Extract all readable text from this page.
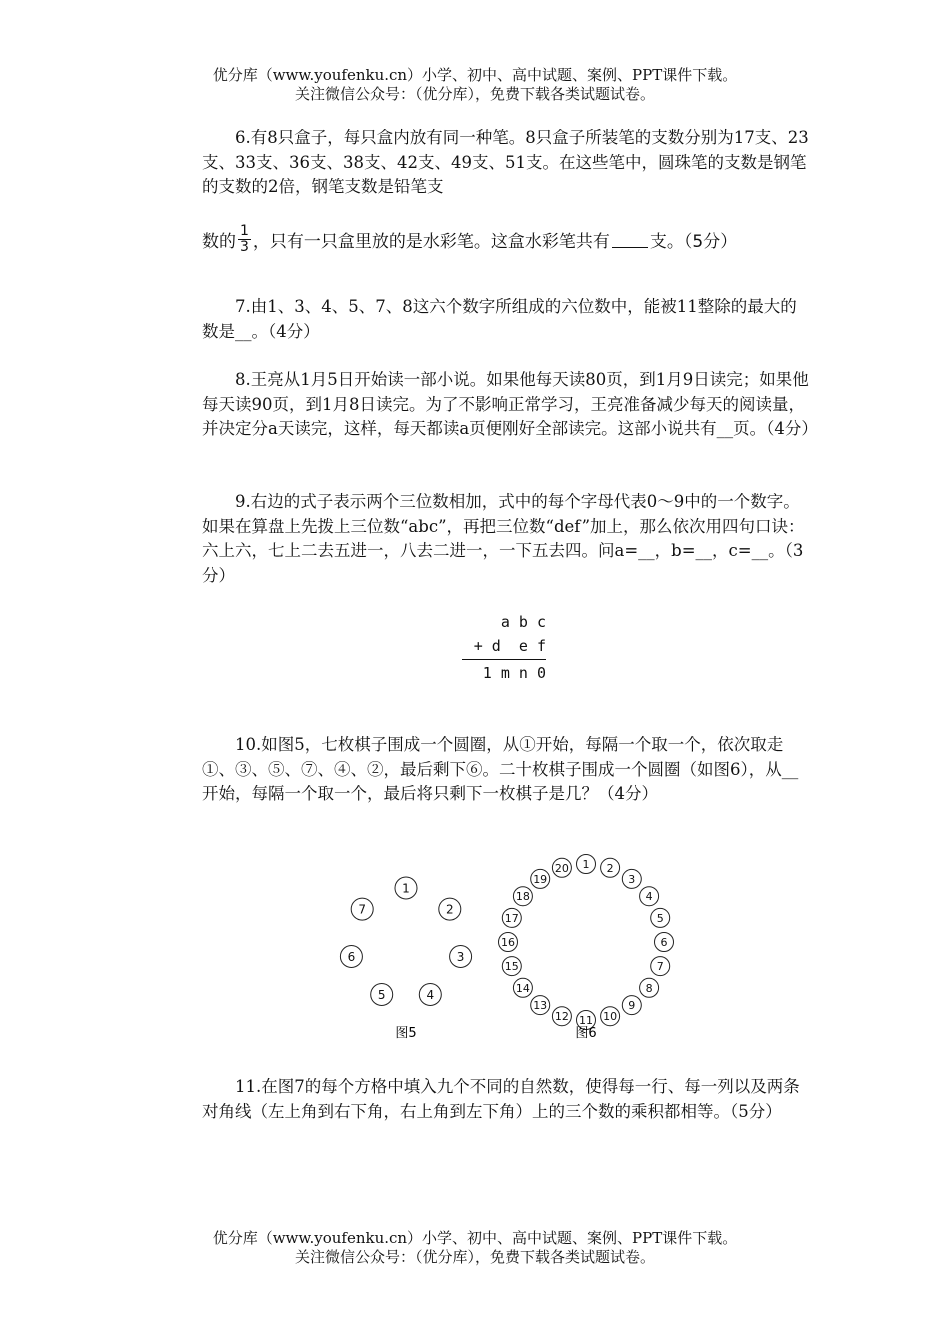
优分库（www.youfenku.cn）小学、初中、高中试题、案例、PPT课件下载。
关注微信公众号：（优分库），免费下载各类试题试卷。

6.有8只盒子，每只盒内放有同一种笔。8只盒子所装笔的支数分别为17支、23支、33支、36支、38支、42支、49支、51支。在这些笔中，圆珠笔的支数是钢笔的支数的2倍，钢笔支数是铅笔支

数的 $\frac{1}{3}$ ，只有一只盒里放的是水彩笔。这盒水彩笔共有 支。（5分）

7.由1、3、4、5、7、8这六个数字所组成的六位数中，能被11整除的最大的数是__。（4分）

8.王亮从1月5日开始读一部小说。如果他每天读80页，到1月9日读完；如果他每天读90页，到1月8日读完。为了不影响正常学习，王亮准备减少每天的阅读量，并决定分a天读完，这样，每天都读a页便刚好全部读完。这部小说共有__页。（4分）

9.右边的式子表示两个三位数相加，式中的每个字母代表0～9中的一个数字。如果在算盘上先拨上三位数“abc”，再把三位数“def”加上，那么依次用四句口诀：六上六，七上二去五进一，八去二进一，一下五去四。问a=__，b=__，c=__。（3分）

a b c
+ d  e f
1 m n 0

10.如图5，七枚棋子围成一个圆圈，从①开始，每隔一个取一个，依次取走①、③、⑤、⑦、④、②，最后剩下⑥。二十枚棋子围成一个圆圈（如图6），从__开始，每隔一个取一个，最后将只剩下一枚棋子是几？（4分）

1
2
3
4
5
6
7
1 2
3
4
5
6
7
8
9
10
11
12
13
14
15
16
17
18
19
20
图5	图6

11.在图7的每个方格中填入九个不同的自然数，使得每一行、每一列以及两条对角线（左上角到右下角，右上角到左下角）上的三个数的乘积都相等。（5分）

优分库（www.youfenku.cn）小学、初中、高中试题、案例、PPT课件下载。
关注微信公众号：（优分库），免费下载各类试题试卷。
